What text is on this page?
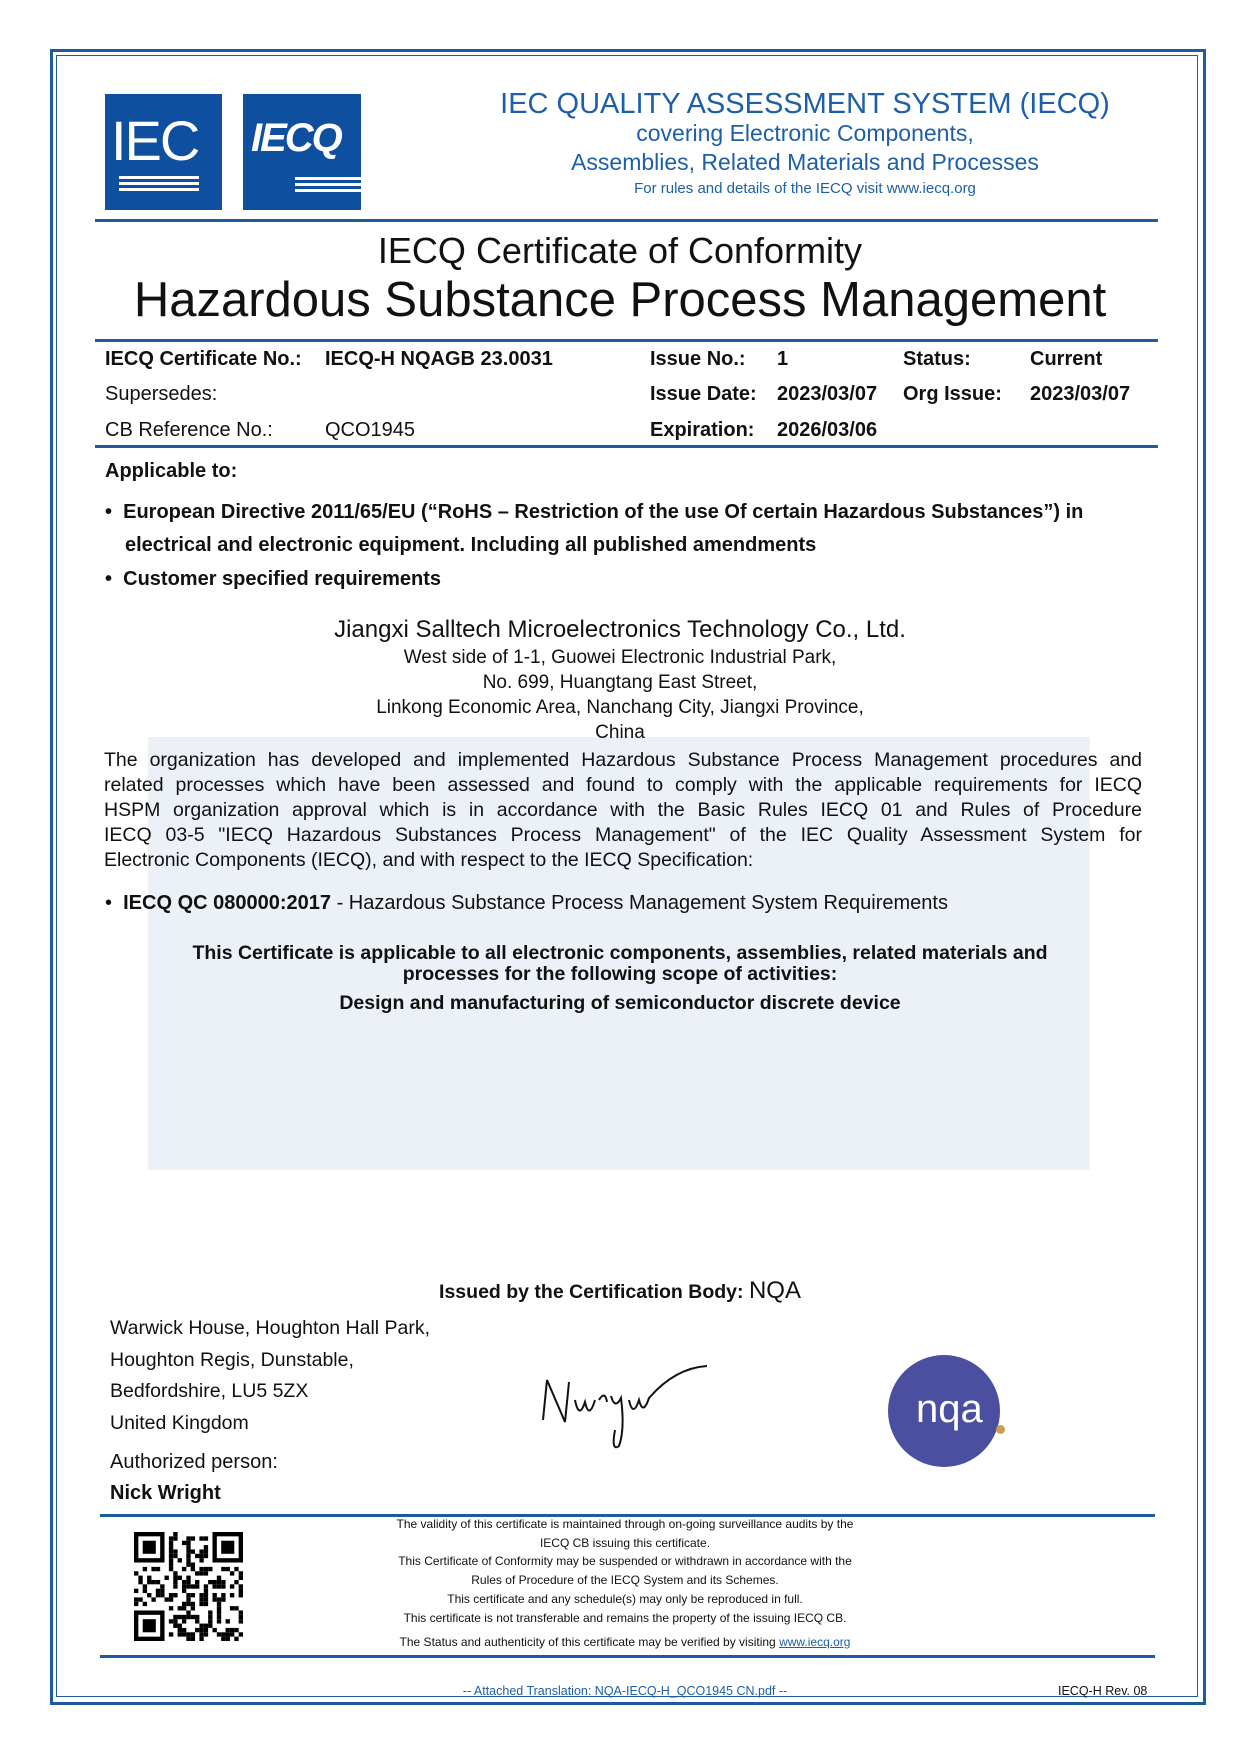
IEC IECQ
IEC QUALITY ASSESSMENT SYSTEM (IECQ)
covering Electronic Components,
Assemblies, Related Materials and Processes
For rules and details of the IECQ visit www.iecq.org
IECQ Certificate of Conformity
Hazardous Substance Process Management
IECQ Certificate No.: IECQ-H NQAGB 23.0031	Issue No.: 1	Status:	Current
Supersedes:	Issue Date: 2023/03/07 Org Issue: 2023/03/07
CB Reference No.:	QCO1945	Expiration: 2026/03/06
Applicable to:
•  European Directive 2011/65/EU (“RoHS – Restriction of the use Of certain Hazardous Substances”) in
electrical and electronic equipment. Including all published amendments
•  Customer specified requirements
Jiangxi Salltech Microelectronics Technology Co., Ltd.
West side of 1-1, Guowei Electronic Industrial Park,
No. 699, Huangtang East Street,
Linkong Economic Area, Nanchang City, Jiangxi Province,
China
The organization has developed and implemented Hazardous Substance Process Management procedures and
related processes which have been assessed and found to comply with the applicable requirements for IECQ
HSPM organization approval which is in accordance with the Basic Rules IECQ 01 and Rules of Procedure
IECQ 03-5 "IECQ Hazardous Substances Process Management" of the IEC Quality Assessment System for
Electronic Components (IECQ), and with respect to the IECQ Specification:
•  IECQ QC 080000:2017 - Hazardous Substance Process Management System Requirements
This Certificate is applicable to all electronic components, assemblies, related materials and
processes for the following scope of activities:
Design and manufacturing of semiconductor discrete device
Issued by the Certification Body: NQA
Warwick House, Houghton Hall Park,
Houghton Regis, Dunstable,
Bedfordshire, LU5 5ZX
United Kingdom
Authorized person:
Nick Wright
nqa
The validity of this certificate is maintained through on-going surveillance audits by the
IECQ CB issuing this certificate.
This Certificate of Conformity may be suspended or withdrawn in accordance with the
Rules of Procedure of the IECQ System and its Schemes.
This certificate and any schedule(s) may only be reproduced in full.
This certificate is not transferable and remains the property of the issuing IECQ CB.
The Status and authenticity of this certificate may be verified by visiting www.iecq.org
-- Attached Translation: NQA-IECQ-H_QCO1945 CN.pdf --	IECQ-H Rev. 08
